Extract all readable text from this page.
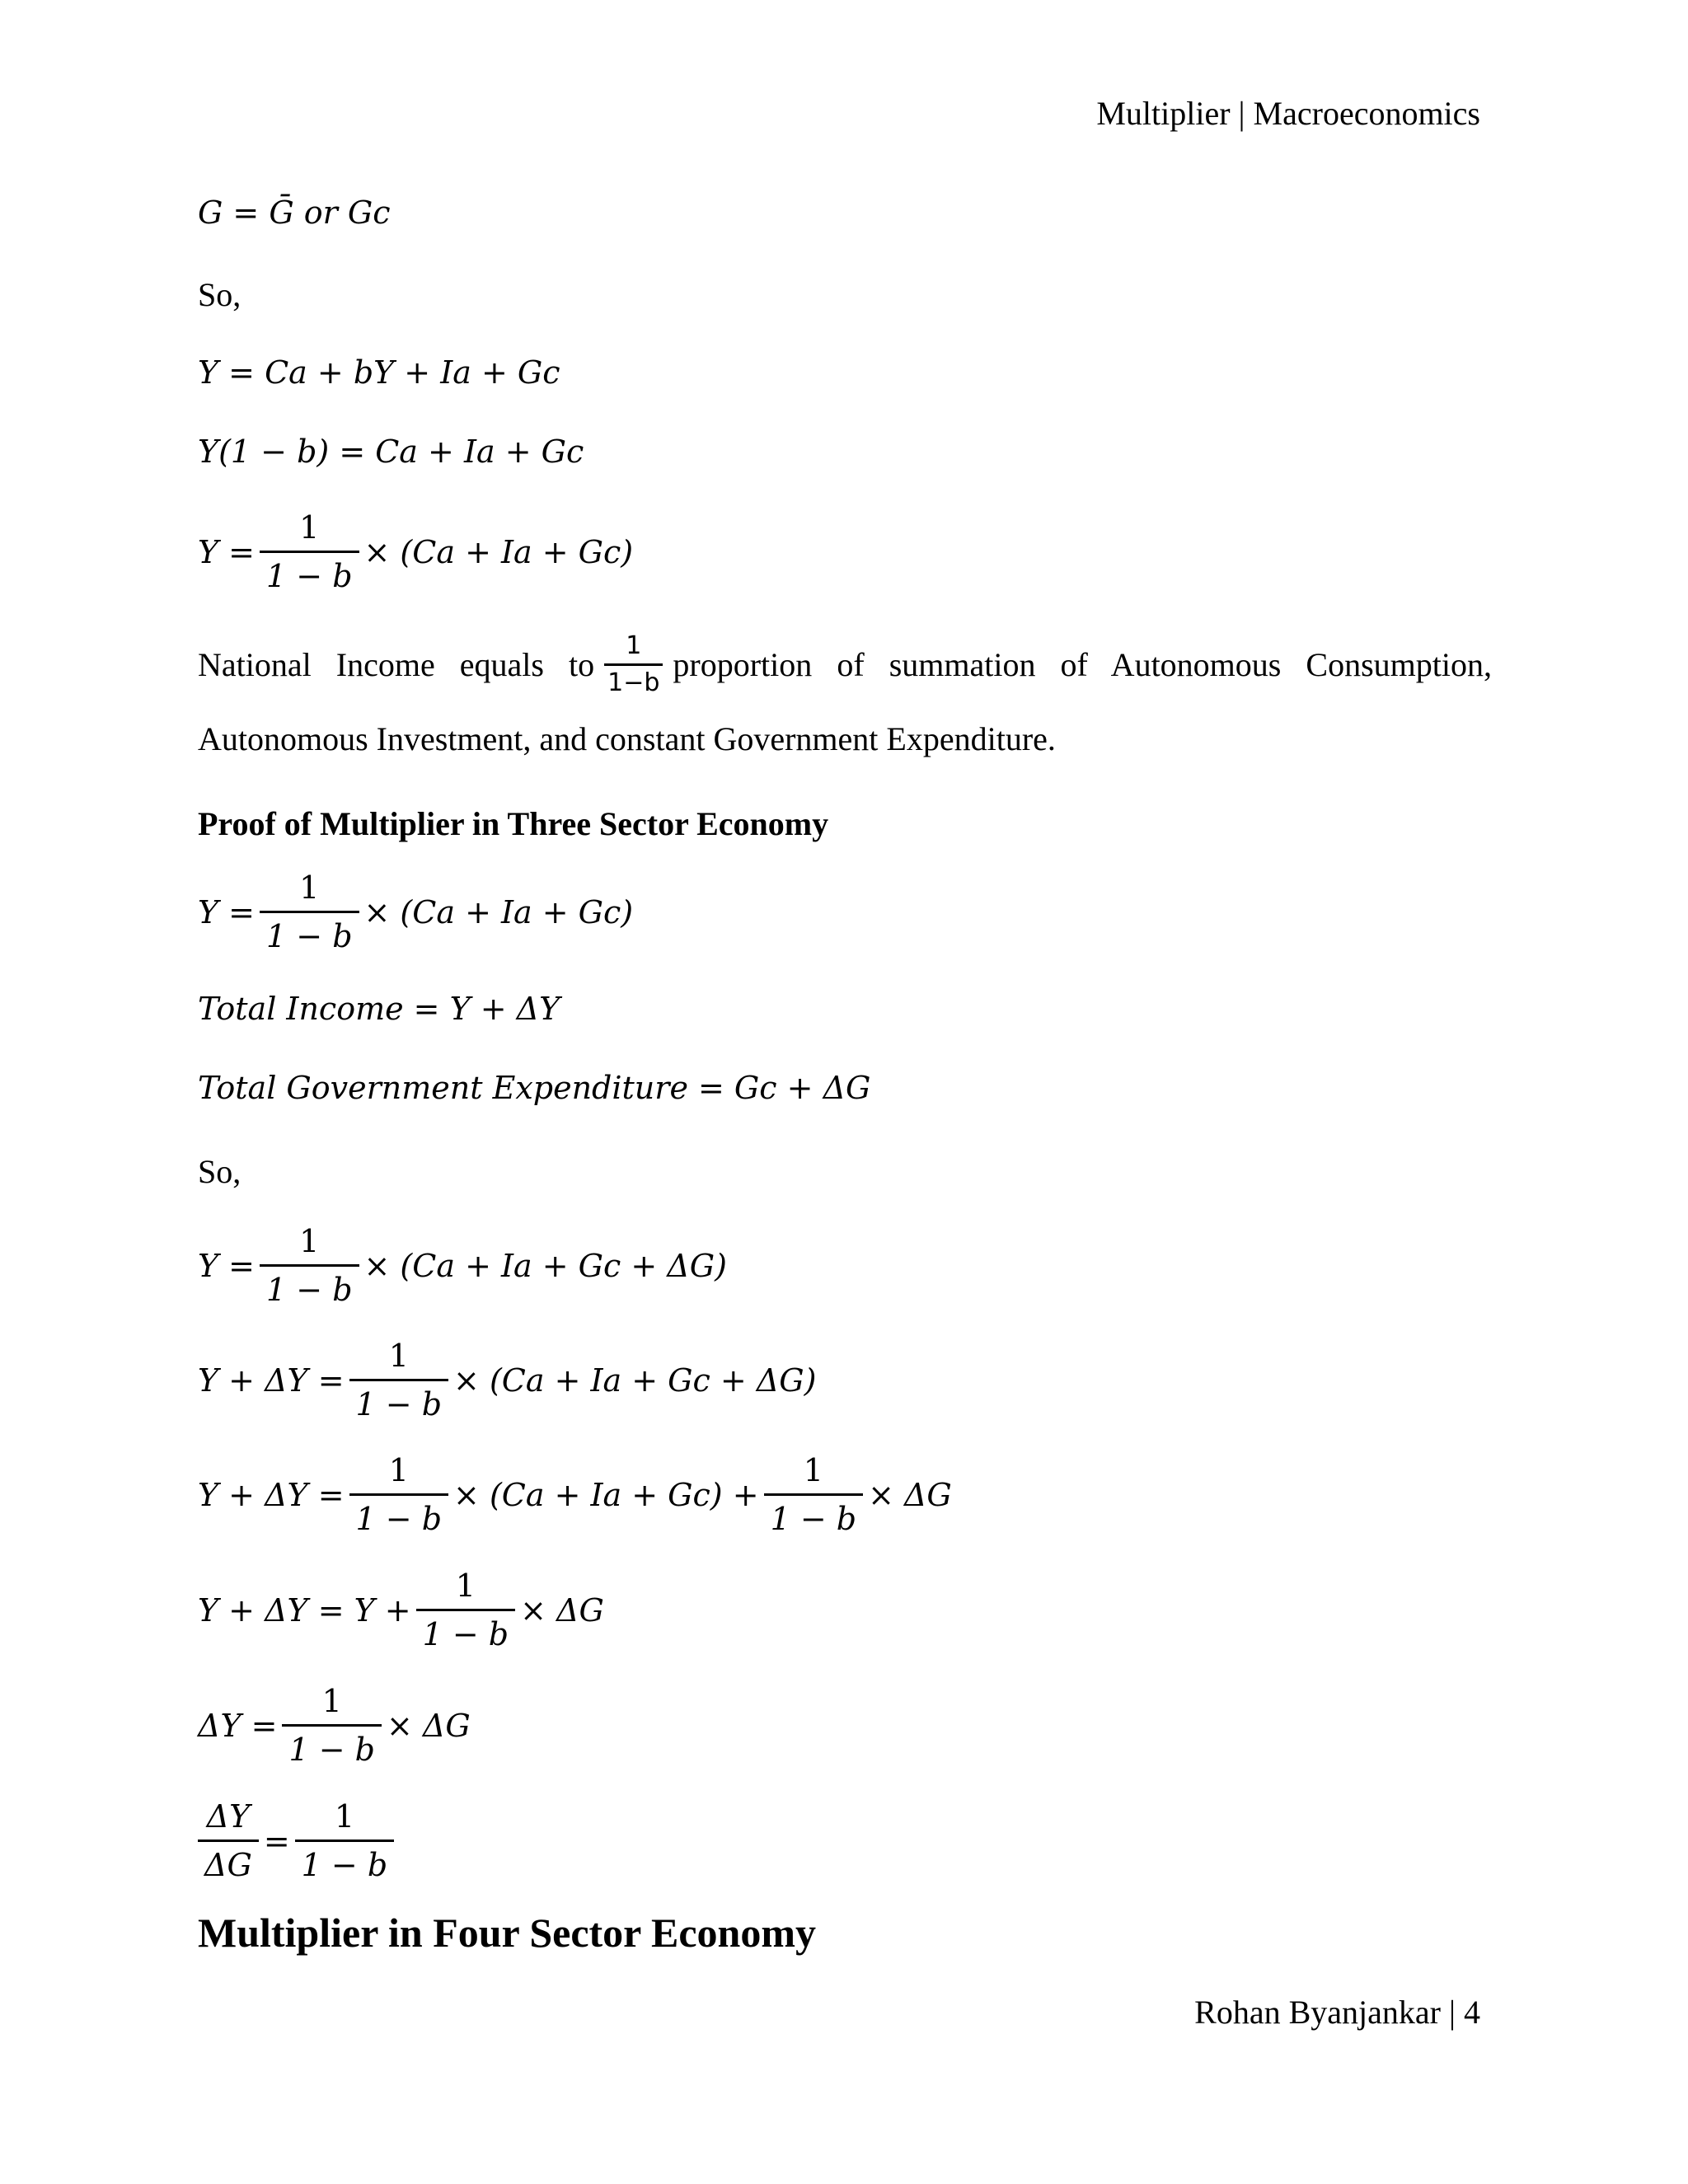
Multiplier | Macroeconomics
G = Ḡ or Gc
So,
Y = Ca + bY + Ia + Gc
Y(1 − b) = Ca + Ia + Gc
$Y = \frac{1}{1 - b} \times (Ca + Ia + Gc)$
National Income equals to $\frac{1}{1-b}$ proportion of summation of Autonomous Consumption, Autonomous Investment, and constant Government Expenditure.
Proof of Multiplier in Three Sector Economy
$Y = \frac{1}{1 - b} \times (Ca + Ia + Gc)$
Total Income = Y + ΔY
Total Government Expenditure = Gc + ΔG
So,
$Y = \frac{1}{1 - b} \times (Ca + Ia + Gc + \Delta G)$
$Y + \Delta Y = \frac{1}{1 - b} \times (Ca + Ia + Gc + \Delta G)$
$Y + \Delta Y = \frac{1}{1 - b} \times (Ca + Ia + Gc) + \frac{1}{1 - b} \times \Delta G$
$Y + \Delta Y = Y + \frac{1}{1 - b} \times \Delta G$
$\Delta Y = \frac{1}{1 - b} \times \Delta G$
$\frac{\Delta Y}{\Delta G} = \frac{1}{1 - b}$
Multiplier in Four Sector Economy
Rohan Byanjankar | 4
